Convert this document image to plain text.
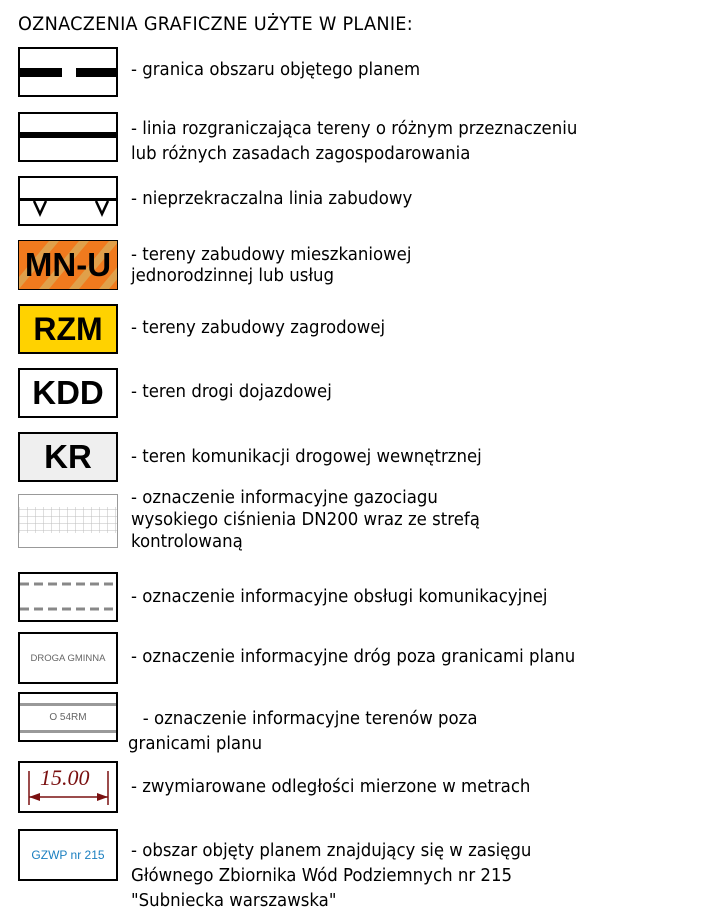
OZNACZENIA GRAFICZNE UŻYTE W PLANIE:
- granica obszaru objętego planem
- linia rozgraniczająca tereny o różnym przeznaczeniu
lub różnych zasadach zagospodarowania
- nieprzekraczalna linia zabudowy
MN-U	- tereny zabudowy mieszkaniowej
jednorodzinnej lub usług
RZM	- tereny zabudowy zagrodowej
KDD	- teren drogi dojazdowej
KR	- teren komunikacji drogowej wewnętrznej
- oznaczenie informacyjne gazociagu
wysokiego ciśnienia DN200 wraz ze strefą
kontrolowaną
- oznaczenie informacyjne obsługi komunikacyjnej
DROGA GMINNA	- oznaczenie informacyjne dróg poza granicami planu
O 54RM	- oznaczenie informacyjne terenów poza
granicami planu
15.00 - zwymiarowane odległości mierzone w metrach
GZWP nr 215	- obszar objęty planem znajdujący się w zasięgu
Głównego Zbiornika Wód Podziemnych nr 215
"Subniecka warszawska"
